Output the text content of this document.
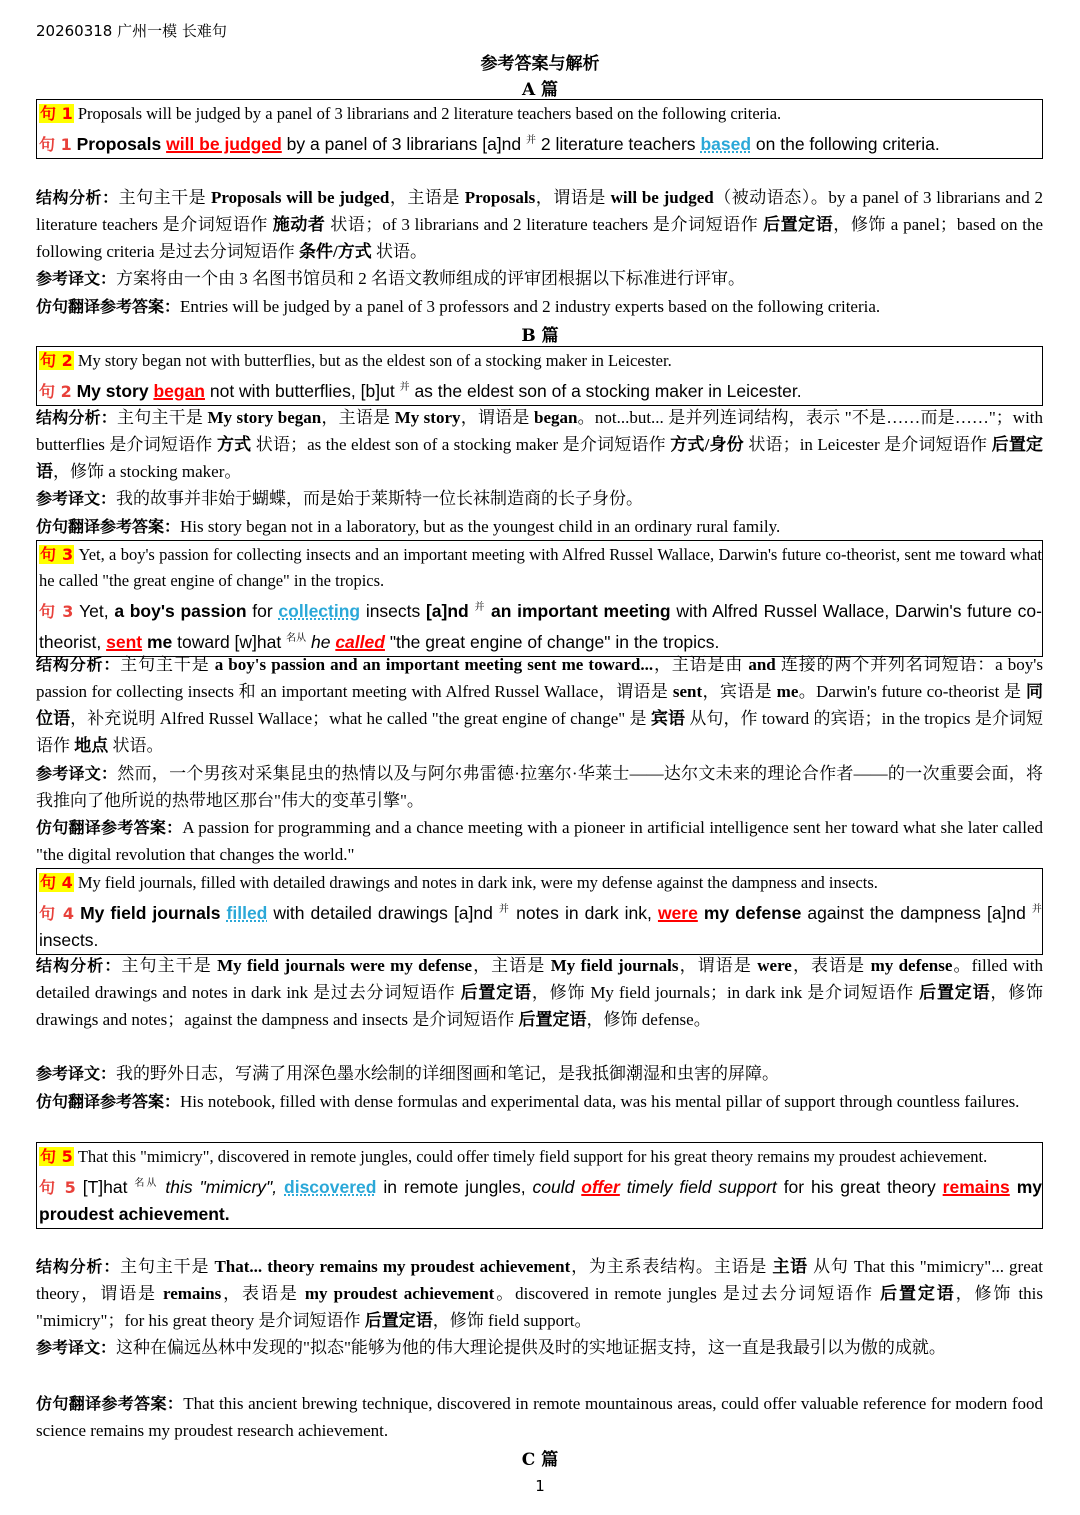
20260318 广州一模 长难句
参考答案与解析
A 篇

句 1 Proposals will be judged by a panel of 3 librarians and 2 literature teachers based on the following criteria.

句 1 Proposals will be judged by a panel of 3 librarians [a]nd $^并$ 2 literature teachers based on the following criteria.

结构分析：主句主干是 Proposals will be judged，主语是 Proposals，谓语是 will be judged（被动语态）。by a panel of 3 librarians and 2 literature teachers 是介词短语作 施动者 状语；of 3 librarians and 2 literature teachers 是介词短语作 后置定语，修饰 a panel；based on the following criteria 是过去分词短语作 条件/方式 状语。

参考译文：方案将由一个由 3 名图书馆员和 2 名语文教师组成的评审团根据以下标准进行评审。

仿句翻译参考答案：Entries will be judged by a panel of 3 professors and 2 industry experts based on the following criteria.

B 篇

句 2 My story began not with butterflies, but as the eldest son of a stocking maker in Leicester.

句 2 My story began not with butterflies, [b]ut $^并$ as the eldest son of a stocking maker in Leicester.

结构分析：主句主干是 My story began，主语是 My story，谓语是 began。not...but... 是并列连词结构，表示 "不是……而是……"；with butterflies 是介词短语作 方式 状语；as the eldest son of a stocking maker 是介词短语作 方式/身份 状语；in Leicester 是介词短语作 后置定语，修饰 a stocking maker。

参考译文：我的故事并非始于蝴蝶，而是始于莱斯特一位长袜制造商的长子身份。

仿句翻译参考答案：His story began not in a laboratory, but as the youngest child in an ordinary rural family.

句 3 Yet, a boy's passion for collecting insects and an important meeting with Alfred Russel Wallace, Darwin's future co-theorist, sent me toward what he called "the great engine of change" in the tropics.

句 3 Yet, a boy's passion for collecting insects [a]nd $^并$ an important meeting with Alfred Russel Wallace, Darwin's future co-theorist, sent me toward [w]hat $^{名从}$ he called "the great engine of change" in the tropics.

结构分析：主句主干是 a boy's passion and an important meeting sent me toward...，主语是由 and 连接的两个并列名词短语：a boy's passion for collecting insects 和 an important meeting with Alfred Russel Wallace，谓语是 sent，宾语是 me。Darwin's future co-theorist 是 同位语，补充说明 Alfred Russel Wallace；what he called "the great engine of change" 是 宾语 从句，作 toward 的宾语；in the tropics 是介词短语作 地点 状语。

参考译文：然而，一个男孩对采集昆虫的热情以及与阿尔弗雷德·拉塞尔·华莱士——达尔文未来的理论合作者——的一次重要会面，将我推向了他所说的热带地区那台"伟大的变革引擎"。

仿句翻译参考答案：A passion for programming and a chance meeting with a pioneer in artificial intelligence sent her toward what she later called "the digital revolution that changes the world."

句 4 My field journals, filled with detailed drawings and notes in dark ink, were my defense against the dampness and insects.

句 4 My field journals filled with detailed drawings [a]nd $^并$ notes in dark ink, were my defense against the dampness [a]nd $^并$ insects.

结构分析：主句主干是 My field journals were my defense，主语是 My field journals，谓语是 were，表语是 my defense。filled with detailed drawings and notes in dark ink 是过去分词短语作 后置定语，修饰 My field journals；in dark ink 是介词短语作 后置定语，修饰 drawings and notes；against the dampness and insects 是介词短语作 后置定语，修饰 defense。

参考译文：我的野外日志，写满了用深色墨水绘制的详细图画和笔记，是我抵御潮湿和虫害的屏障。

仿句翻译参考答案：His notebook, filled with dense formulas and experimental data, was his mental pillar of support through countless failures.

句 5 That this "mimicry", discovered in remote jungles, could offer timely field support for his great theory remains my proudest achievement.

句 5 [T]hat $^{名从}$ this "mimicry", discovered in remote jungles, could offer timely field support for his great theory remains my proudest achievement.

结构分析：主句主干是 That... theory remains my proudest achievement，为主系表结构。主语是 主语 从句 That this "mimicry"... great theory，谓语是 remains，表语是 my proudest achievement。discovered in remote jungles 是过去分词短语作 后置定语，修饰 this "mimicry"；for his great theory 是介词短语作 后置定语，修饰 field support。

参考译文：这种在偏远丛林中发现的"拟态"能够为他的伟大理论提供及时的实地证据支持，这一直是我最引以为傲的成就。

仿句翻译参考答案：That this ancient brewing technique, discovered in remote mountainous areas, could offer valuable reference for modern food science remains my proudest research achievement.

C 篇
1
